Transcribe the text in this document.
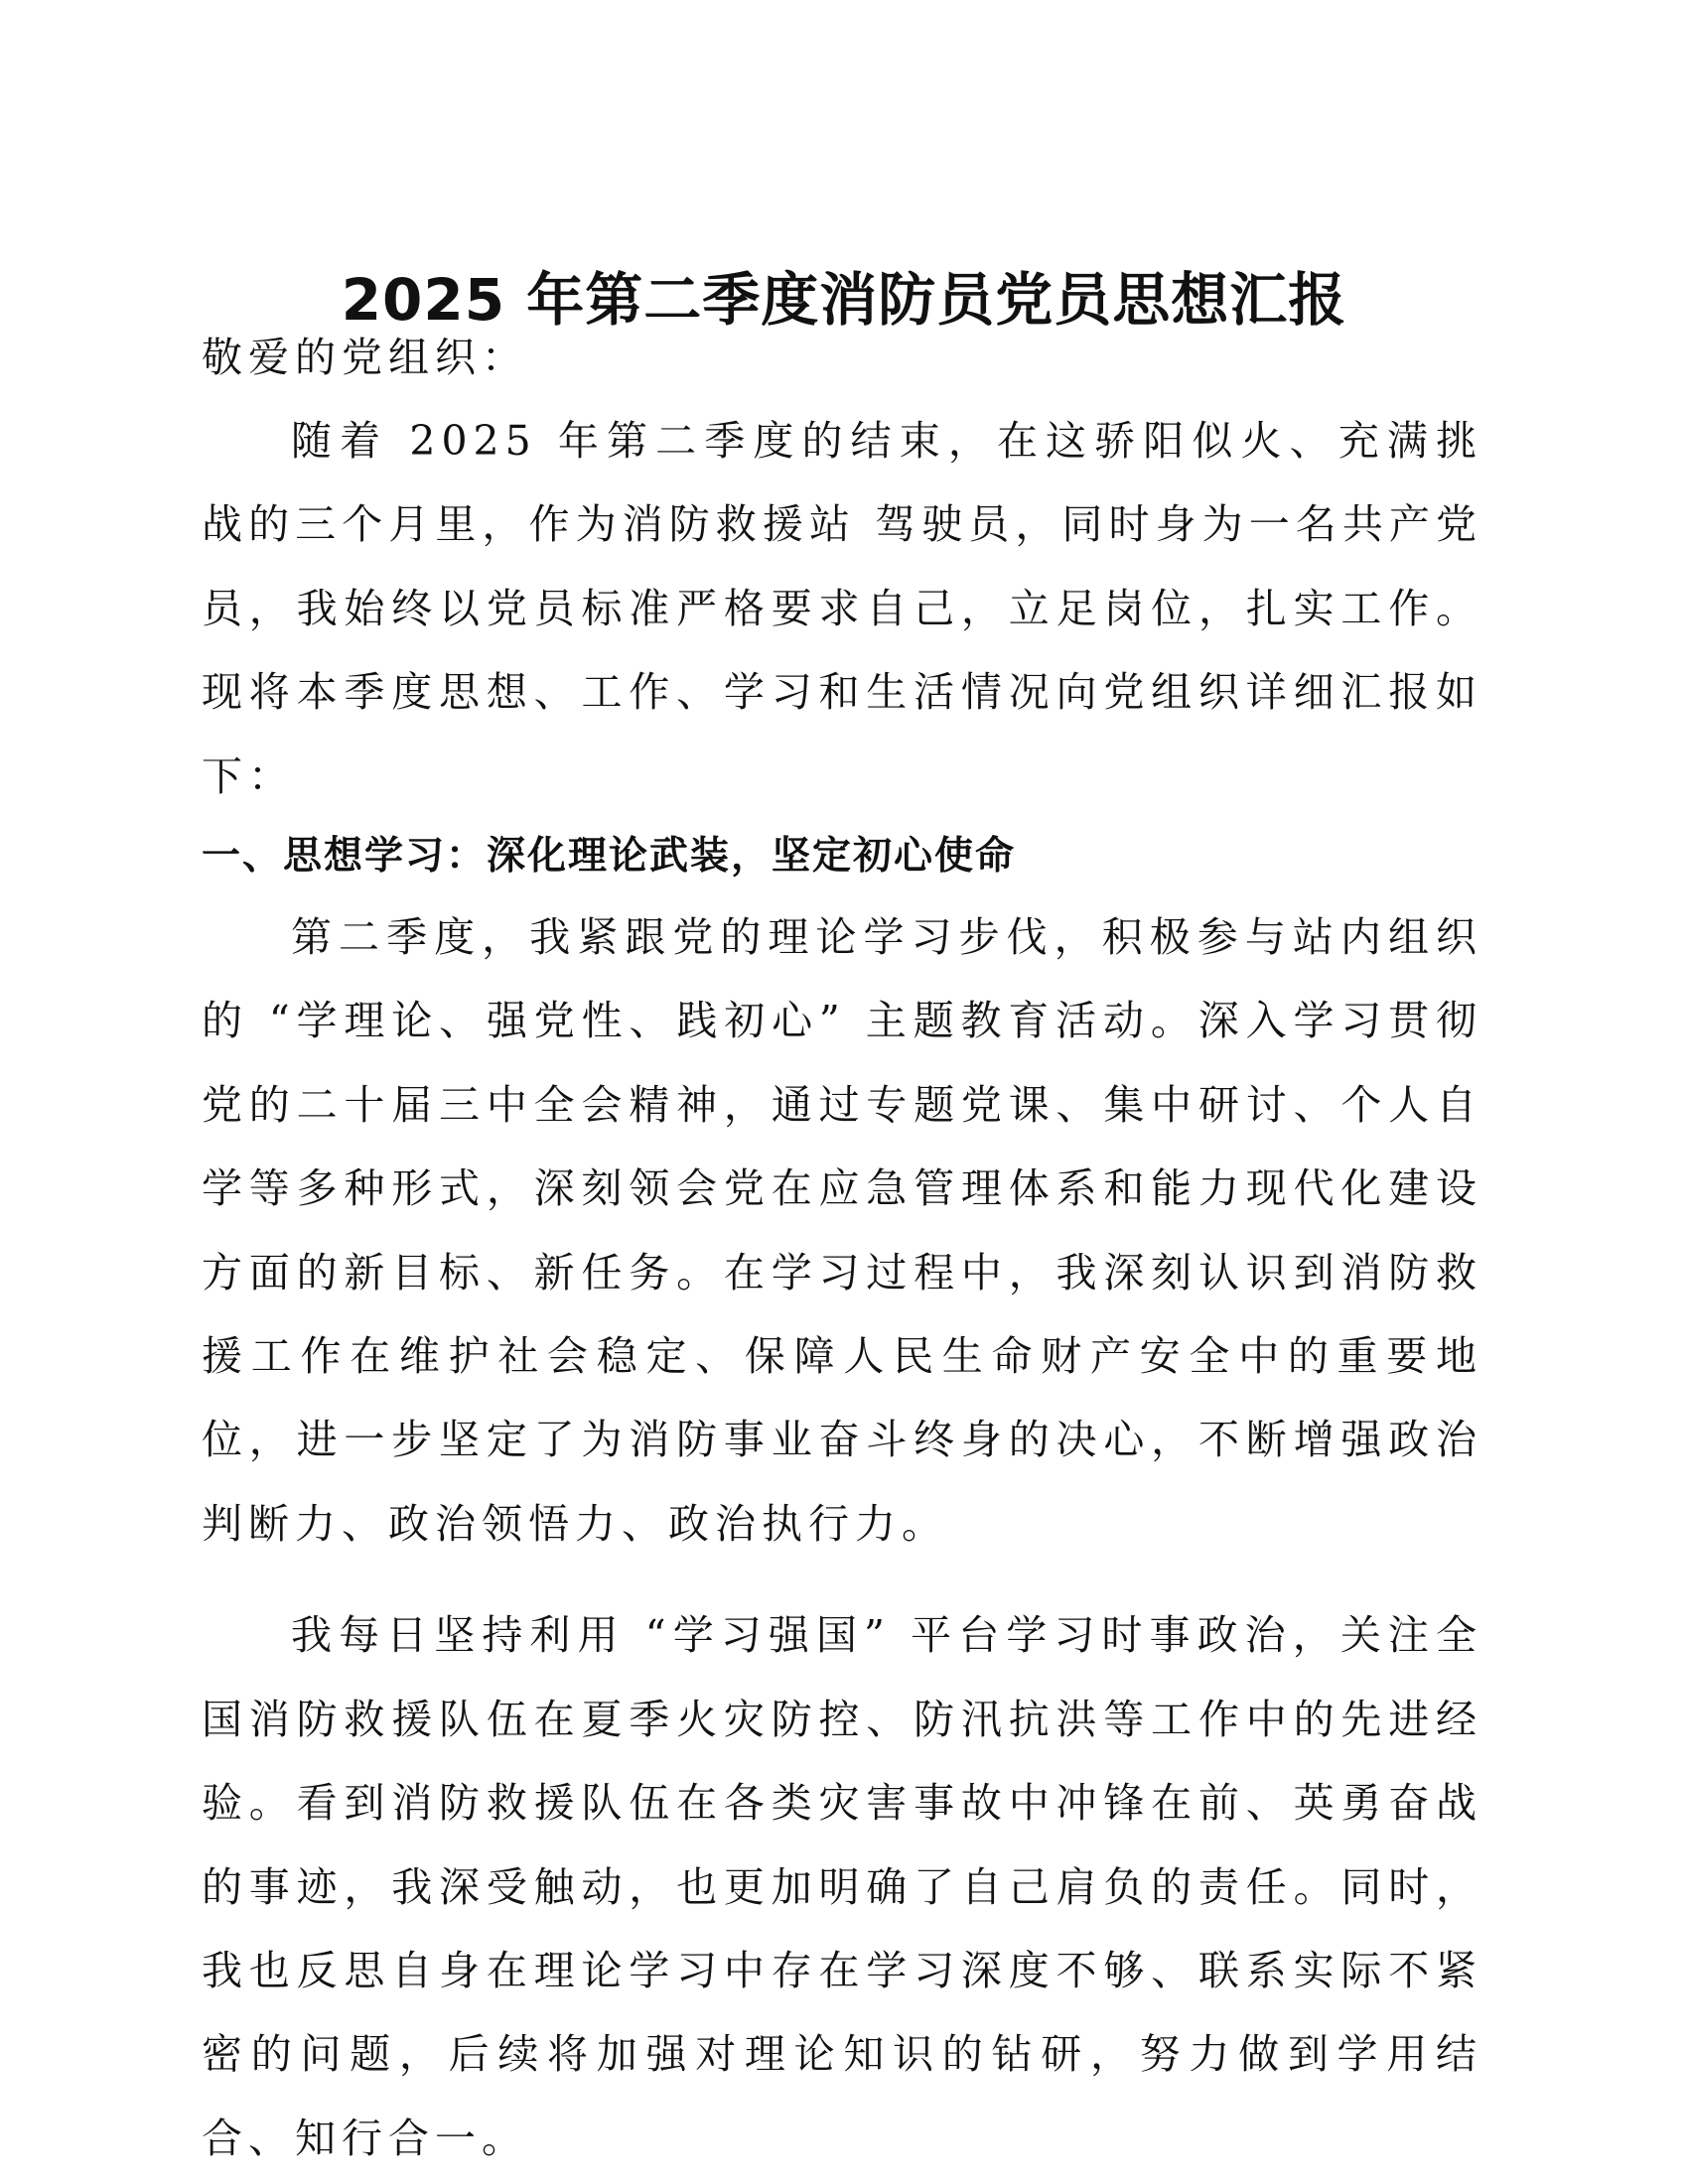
2025 年第二季度消防员党员思想汇报

敬爱的党组织：

随着 2025 年第二季度的结束，在这骄阳似火、充满挑战的三个月里，作为消防救援站 驾驶员，同时身为一名共产党员，我始终以党员标准严格要求自己，立足岗位，扎实工作。现将本季度思想、工作、学习和生活情况向党组织详细汇报如下：

一、思想学习：深化理论武装，坚定初心使命

第二季度，我紧跟党的理论学习步伐，积极参与站内组织的 “学理论、强党性、践初心” 主题教育活动。深入学习贯彻党的二十届三中全会精神，通过专题党课、集中研讨、个人自学等多种形式，深刻领会党在应急管理体系和能力现代化建设方面的新目标、新任务。在学习过程中，我深刻认识到消防救援工作在维护社会稳定、保障人民生命财产安全中的重要地位，进一步坚定了为消防事业奋斗终身的决心，不断增强政治判断力、政治领悟力、政治执行力。

我每日坚持利用 “学习强国” 平台学习时事政治，关注全国消防救援队伍在夏季火灾防控、防汛抗洪等工作中的先进经验。看到消防救援队伍在各类灾害事故中冲锋在前、英勇奋战的事迹，我深受触动，也更加明确了自己肩负的责任。同时，我也反思自身在理论学习中存在学习深度不够、联系实际不紧密的问题，后续将加强对理论知识的钻研，努力做到学用结合、知行合一。
